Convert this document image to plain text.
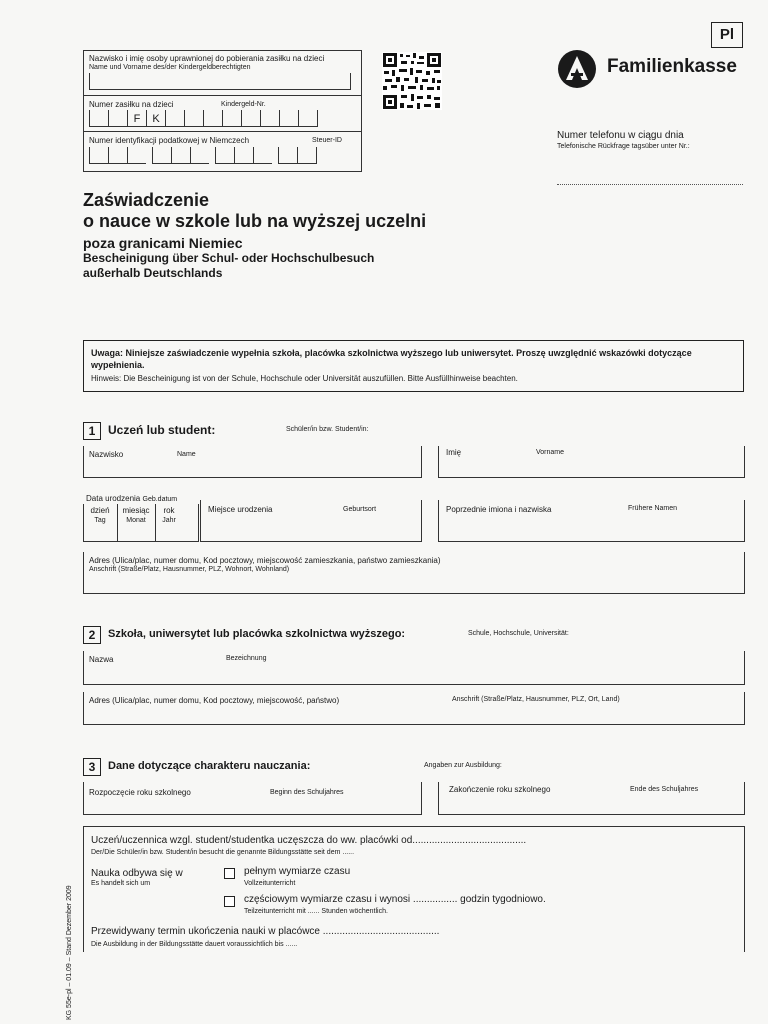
Nazwisko i imię osoby uprawnionej do pobierania zasiłku na dzieci
Name und Vorname des/der Kindergeldberechtigten
Numer zasiłku na dzieci	Kindergeld-Nr.
F K
Numer identyfikacji podatkowej w Niemczech	Steuer-ID
Pl
Familienkasse
Numer telefonu w ciągu dnia
Telefonische Rückfrage tagsüber unter Nr.:
Zaświadczenie
o nauce w szkole lub na wyższej uczelni
poza granicami Niemiec
Bescheinigung über Schul- oder Hochschulbesuch
außerhalb Deutschlands
Uwaga: Niniejsze zaświadczenie wypełnia szkoła, placówka szkolnictwa wyższego lub uniwersytet. Proszę uwzględnić wskazówki dotyczące wypełnienia.
Hinweis: Die Bescheinigung ist von der Schule, Hochschule oder Universität auszufüllen. Bitte Ausfüllhinweise beachten.
1	Uczeń lub student:	Schüler/in bzw. Student/in:
Nazwisko	Name	Imię	Vorname
Data urodzenia Geb.datum
dzień
Tag
miesiąc
Monat
rok
Jahr
Miejsce urodzenia	Geburtsort	Poprzednie imiona i nazwiska	Frühere Namen
Adres (Ulica/plac, numer domu, Kod pocztowy, miejscowość zamieszkania, państwo zamieszkania)
Anschrift (Straße/Platz, Hausnummer, PLZ, Wohnort, Wohnland)
2	Szkoła, uniwersytet lub placówka szkolnictwa wyższego:	Schule, Hochschule, Universität:
Nazwa	Bezeichnung
Adres (Ulica/plac, numer domu, Kod pocztowy, miejscowość, państwo)	Anschrift (Straße/Platz, Hausnummer, PLZ, Ort, Land)
3	Dane dotyczące charakteru nauczania:	Angaben zur Ausbildung:
Rozpoczęcie roku szkolnego	Beginn des Schuljahres	Zakończenie roku szkolnego	Ende des Schuljahres
Uczeń/uczennica wzgl. student/studentka uczęszcza do ww. placówki od.........................................
Der/Die Schüler/in bzw. Student/in besucht die genannte Bildungsstätte seit dem ......
Nauka odbywa się w
Es handelt sich um
pełnym wymiarze czasu
Vollzeitunterricht
częściowym wymiarze czasu i wynosi ................ godzin tygodniowo.
Teilzeitunterricht mit ...... Stunden wöchentlich.
Przewidywany termin ukończenia nauki w placówce ..........................................
Die Ausbildung in der Bildungsstätte dauert voraussichtlich bis ......
KG 55e-pl – 01.09 – Stand Dezember 2009
